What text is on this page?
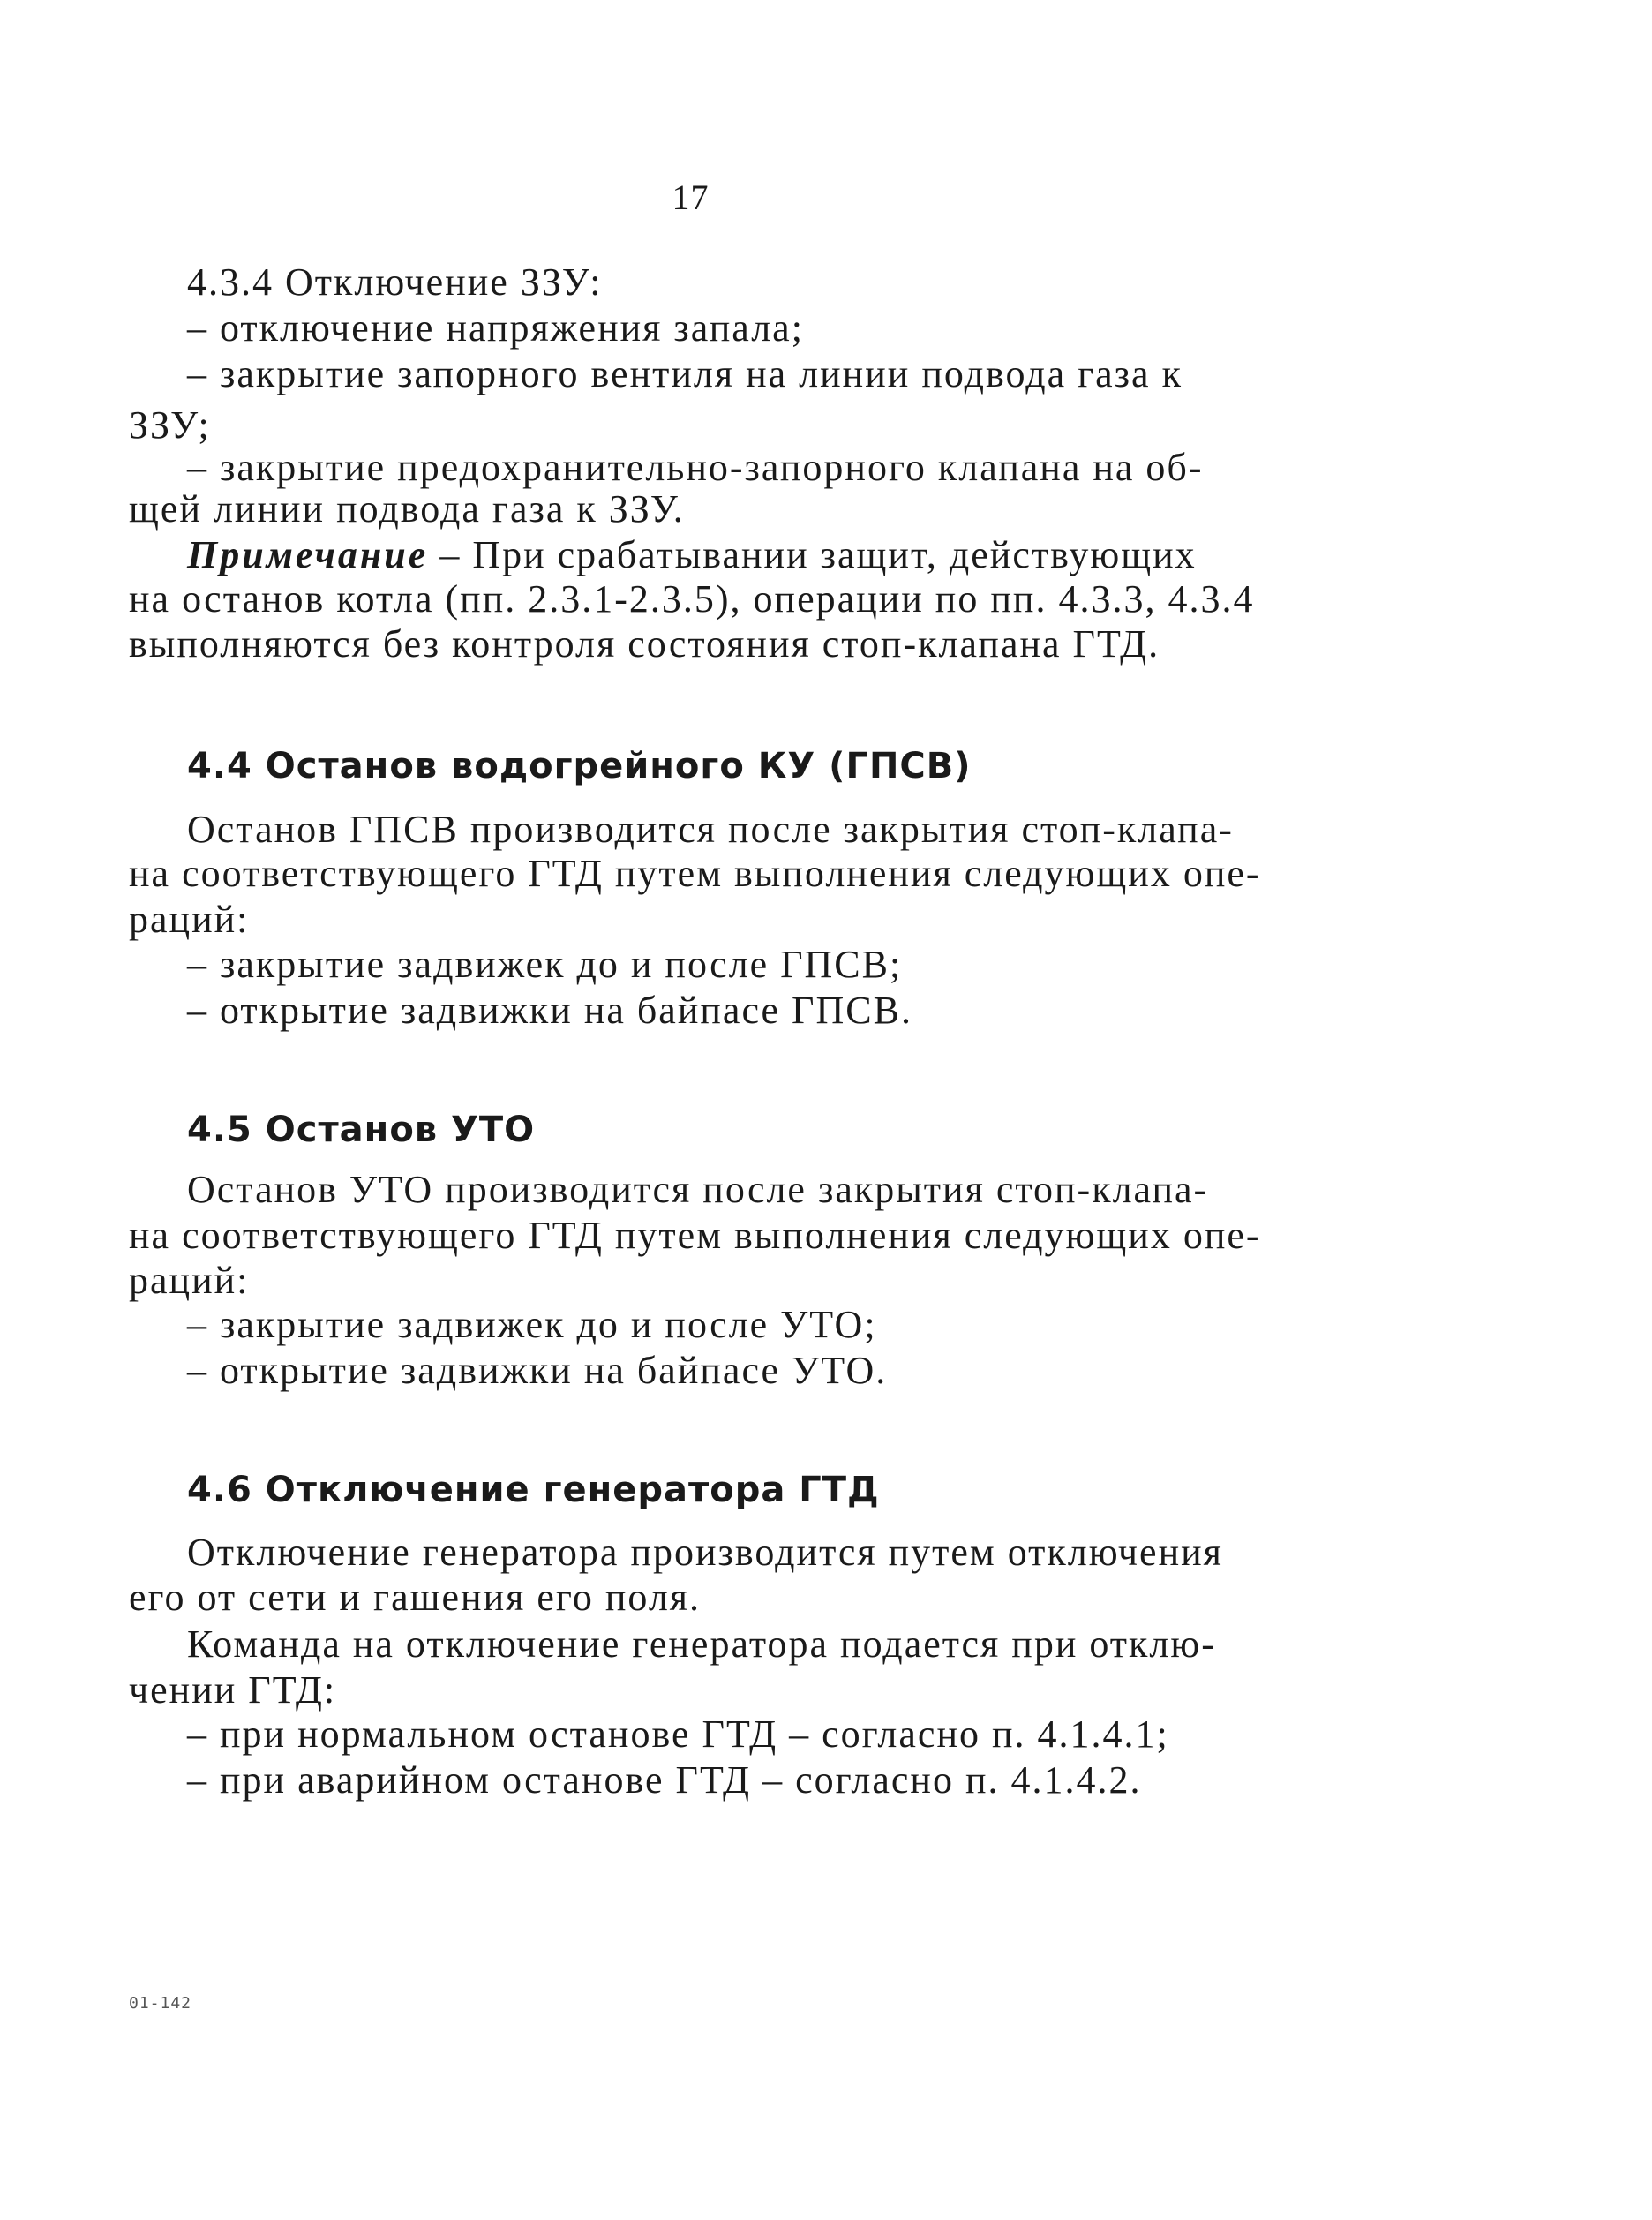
17
4.3.4 Отключение ЗЗУ:
– отключение напряжения запала;
– закрытие запорного вентиля на линии подвода газа к
ЗЗУ;
– закрытие предохранительно-запорного клапана на об-
щей линии подвода газа к ЗЗУ.
Примечание – При срабатывании защит, действующих
на останов котла (пп. 2.3.1-2.3.5), операции по пп. 4.3.3, 4.3.4
выполняются без контроля состояния стоп-клапана ГТД.
4.4 Останов водогрейного КУ (ГПСВ)
Останов ГПСВ производится после закрытия стоп-клапа-
на соответствующего ГТД путем выполнения следующих опе-
раций:
– закрытие задвижек до и после ГПСВ;
– открытие задвижки на байпасе ГПСВ.
4.5 Останов УТО
Останов УТО производится после закрытия стоп-клапа-
на соответствующего ГТД путем выполнения следующих опе-
раций:
– закрытие задвижек до и после УТО;
– открытие задвижки на байпасе УТО.
4.6 Отключение генератора ГТД
Отключение генератора производится путем отключения
его от сети и гашения его поля.
Команда на отключение генератора подается при отклю-
чении ГТД:
– при нормальном останове ГТД – согласно п. 4.1.4.1;
– при аварийном останове ГТД – согласно п. 4.1.4.2.
01-142
